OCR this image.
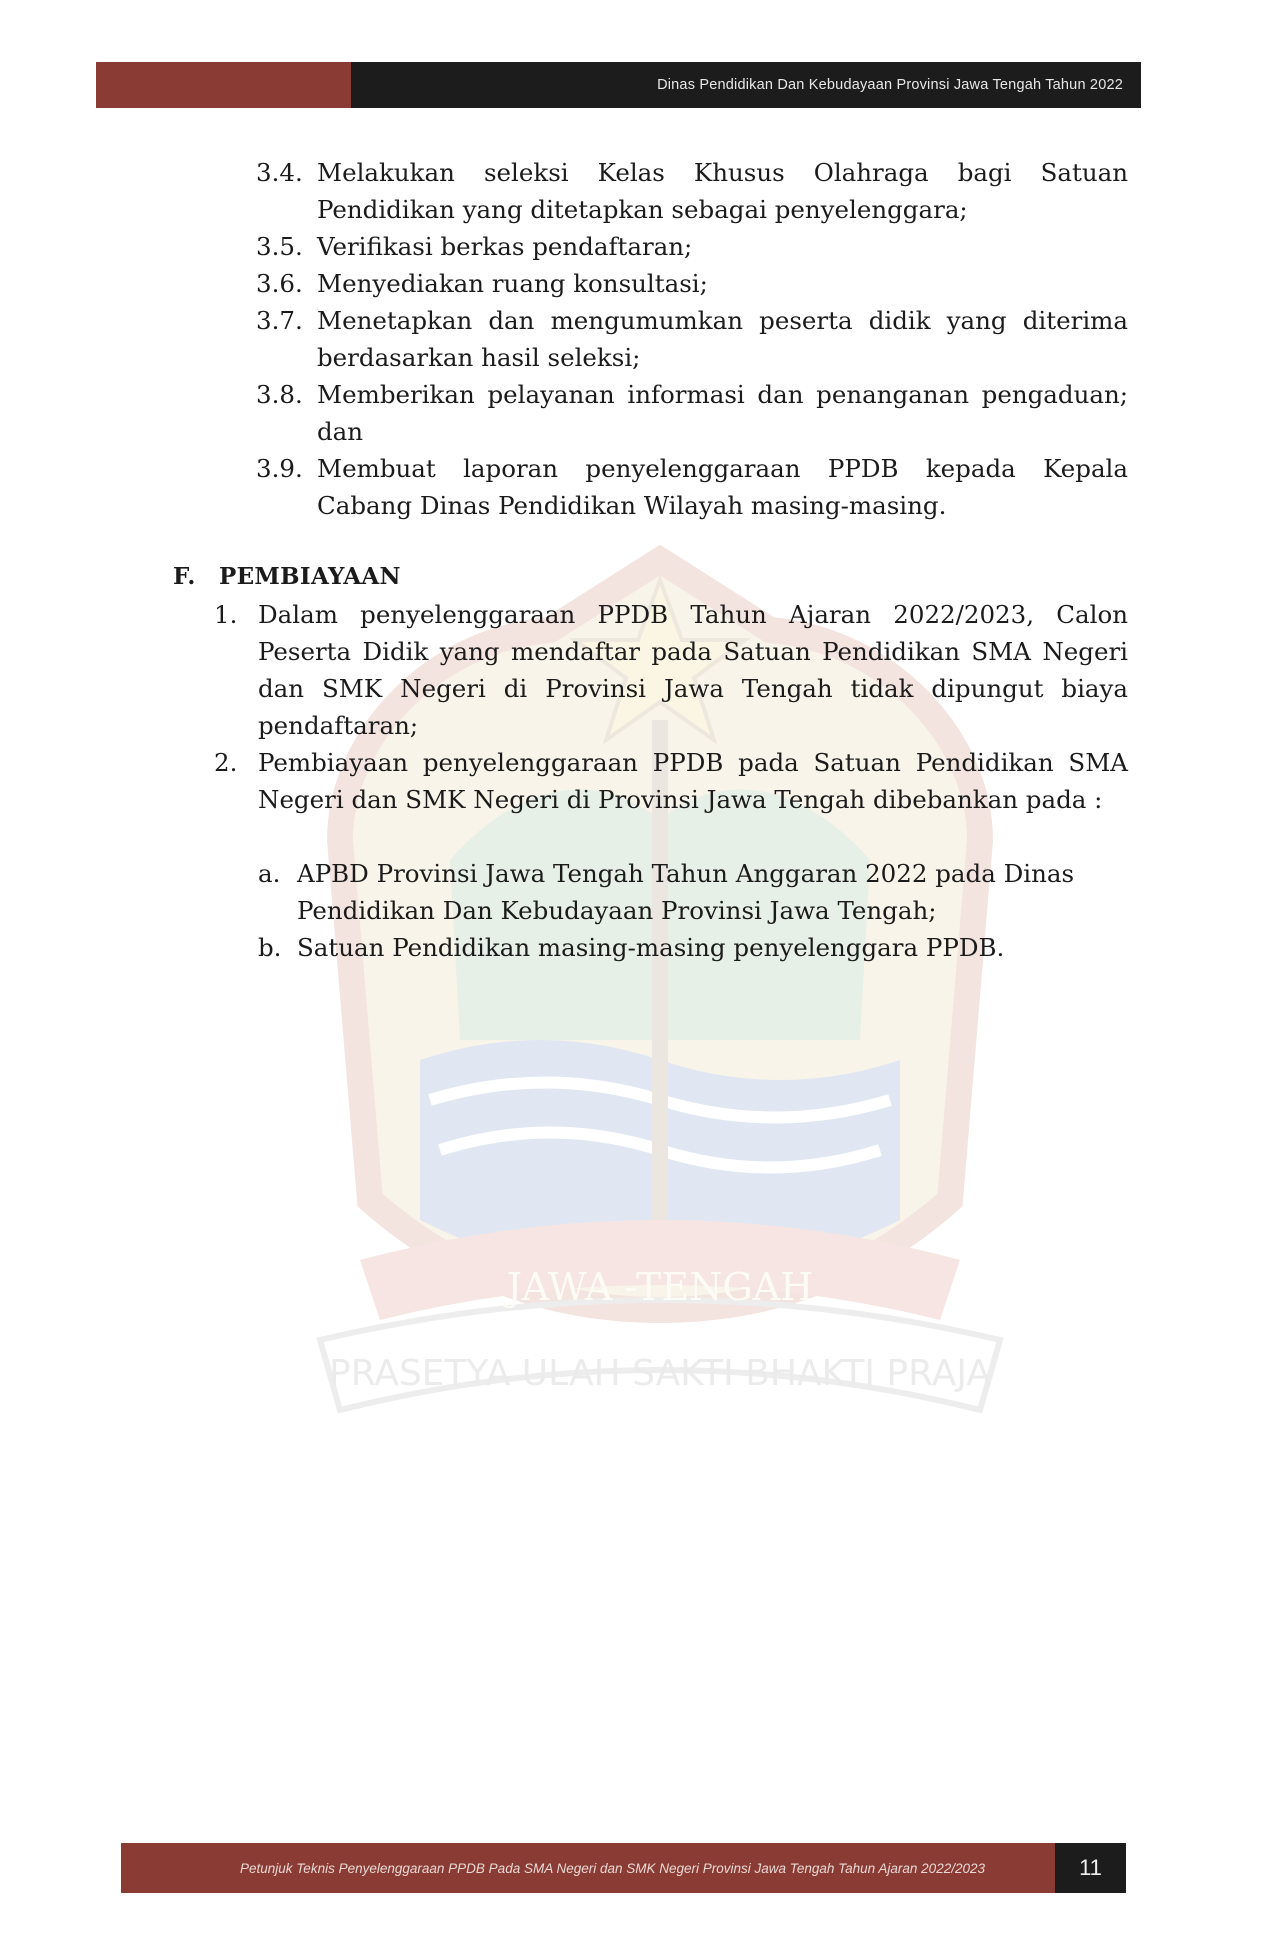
Dinas Pendidikan Dan Kebudayaan Provinsi Jawa Tengah Tahun 2022
JAWA -TENGAH
PRASETYA ULAH SAKTI BHAKTI PRAJA
3.4. Melakukan seleksi Kelas Khusus Olahraga bagi Satuan Pendidikan yang ditetapkan sebagai penyelenggara;
3.5. Verifikasi berkas pendaftaran;
3.6. Menyediakan ruang konsultasi;
3.7. Menetapkan dan mengumumkan peserta didik yang diterima berdasarkan hasil seleksi;
3.8. Memberikan pelayanan informasi dan penanganan pengaduan; dan
3.9. Membuat laporan penyelenggaraan PPDB kepada Kepala Cabang Dinas Pendidikan Wilayah masing-masing.
F. PEMBIAYAAN
1. Dalam penyelenggaraan PPDB Tahun Ajaran 2022/2023, Calon Peserta Didik yang mendaftar pada Satuan Pendidikan SMA Negeri dan SMK Negeri di Provinsi Jawa Tengah tidak dipungut biaya pendaftaran;
2. Pembiayaan penyelenggaraan PPDB pada Satuan Pendidikan SMA Negeri dan SMK Negeri di Provinsi Jawa Tengah dibebankan pada :
a. APBD Provinsi Jawa Tengah Tahun Anggaran 2022 pada Dinas Pendidikan Dan Kebudayaan Provinsi Jawa Tengah;
b. Satuan Pendidikan masing-masing penyelenggara PPDB.
Petunjuk Teknis Penyelenggaraan PPDB Pada SMA Negeri dan SMK Negeri Provinsi Jawa Tengah Tahun Ajaran 2022/2023	11
